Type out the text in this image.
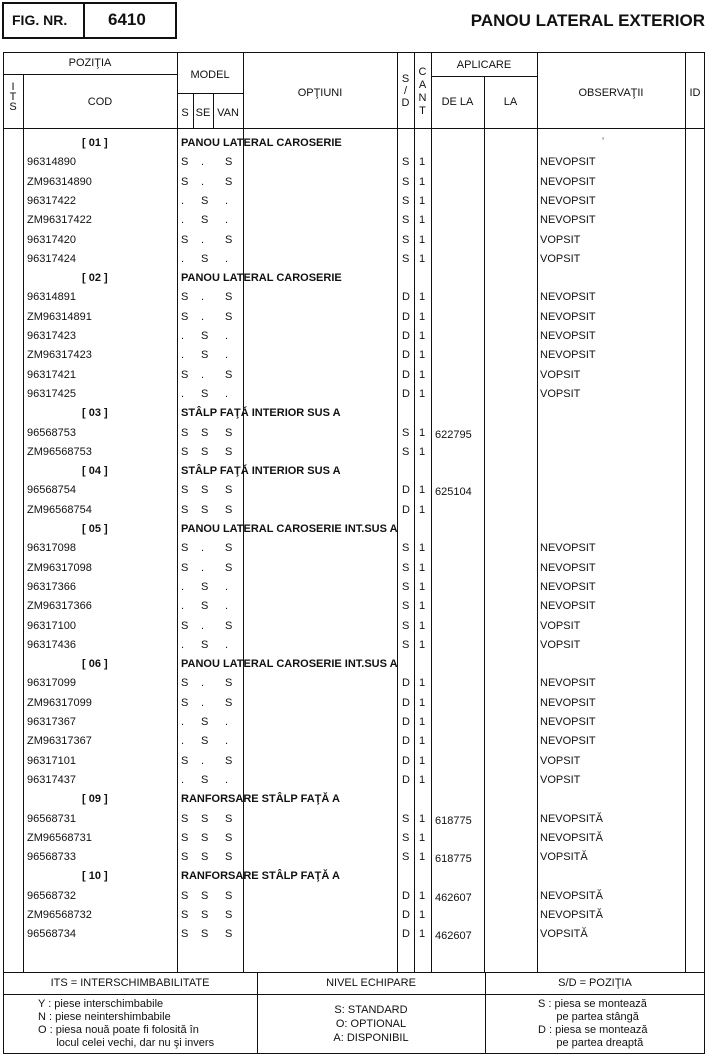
FIG. NR. 6410	PANOU LATERAL EXTERIOR
POZIŢIA
I
T
S	COD
MODEL
S SE VAN
OPŢIUNI
S
/
D
C
A
N
T
APLICARE
DE LA	LA
OBSERVAŢII	ID
’
[ 01 ]	PANOU LATERAL CAROSERIE
96314890	S . S	S 1	NEVOPSIT
ZM96314890	S . S	S 1	NEVOPSIT
96317422	. S .	S 1	NEVOPSIT
ZM96317422	. S .	S 1	NEVOPSIT
96317420	S . S	S 1	VOPSIT
96317424	. S .	S 1	VOPSIT
[ 02 ]	PANOU LATERAL CAROSERIE
96314891	S . S	D 1	NEVOPSIT
ZM96314891	S . S	D 1	NEVOPSIT
96317423	. S .	D 1	NEVOPSIT
ZM96317423	. S .	D 1	NEVOPSIT
96317421	S . S	D 1	VOPSIT
96317425	. S .	D 1	VOPSIT
[ 03 ]	STÂLP FAŢĂ INTERIOR SUS A
96568753	S S S	S 1 622795
ZM96568753	S S S	S 1
[ 04 ]	STÂLP FAŢĂ INTERIOR SUS A
96568754	S S S	D 1 625104
ZM96568754	S S S	D 1
[ 05 ]	PANOU LATERAL CAROSERIE INT.SUS A
96317098	S . S	S 1	NEVOPSIT
ZM96317098	S . S	S 1	NEVOPSIT
96317366	. S .	S 1	NEVOPSIT
ZM96317366	. S .	S 1	NEVOPSIT
96317100	S . S	S 1	VOPSIT
96317436	. S .	S 1	VOPSIT
[ 06 ]	PANOU LATERAL CAROSERIE INT.SUS A
96317099	S . S	D 1	NEVOPSIT
ZM96317099	S . S	D 1	NEVOPSIT
96317367	. S .	D 1	NEVOPSIT
ZM96317367	. S .	D 1	NEVOPSIT
96317101	S . S	D 1	VOPSIT
96317437	. S .	D 1	VOPSIT
[ 09 ]	RANFORSARE STÂLP FAŢĂ A
96568731	S S S	S 1 618775	NEVOPSITĂ
ZM96568731	S S S	S 1	NEVOPSITĂ
96568733	S S S	S 1 618775	VOPSITĂ
[ 10 ]	RANFORSARE STÂLP FAŢĂ A
96568732	S S S	D 1 462607	NEVOPSITĂ
ZM96568732	S S S	D 1	NEVOPSITĂ
96568734	S S S	D 1 462607	VOPSITĂ
ITS = INTERSCHIMBABILITATE	NIVEL ECHIPARE	S/D = POZIŢIA
Y : piese interschimbabile
N : piese neintershimbabile
O : piesa nouă poate fi folosită în
locul celei vechi, dar nu şi invers
S: STANDARD
O: OPTIONAL
A: DISPONIBIL
S : piesa se montează
pe partea stângă
D : piesa se montează
pe partea dreaptă
